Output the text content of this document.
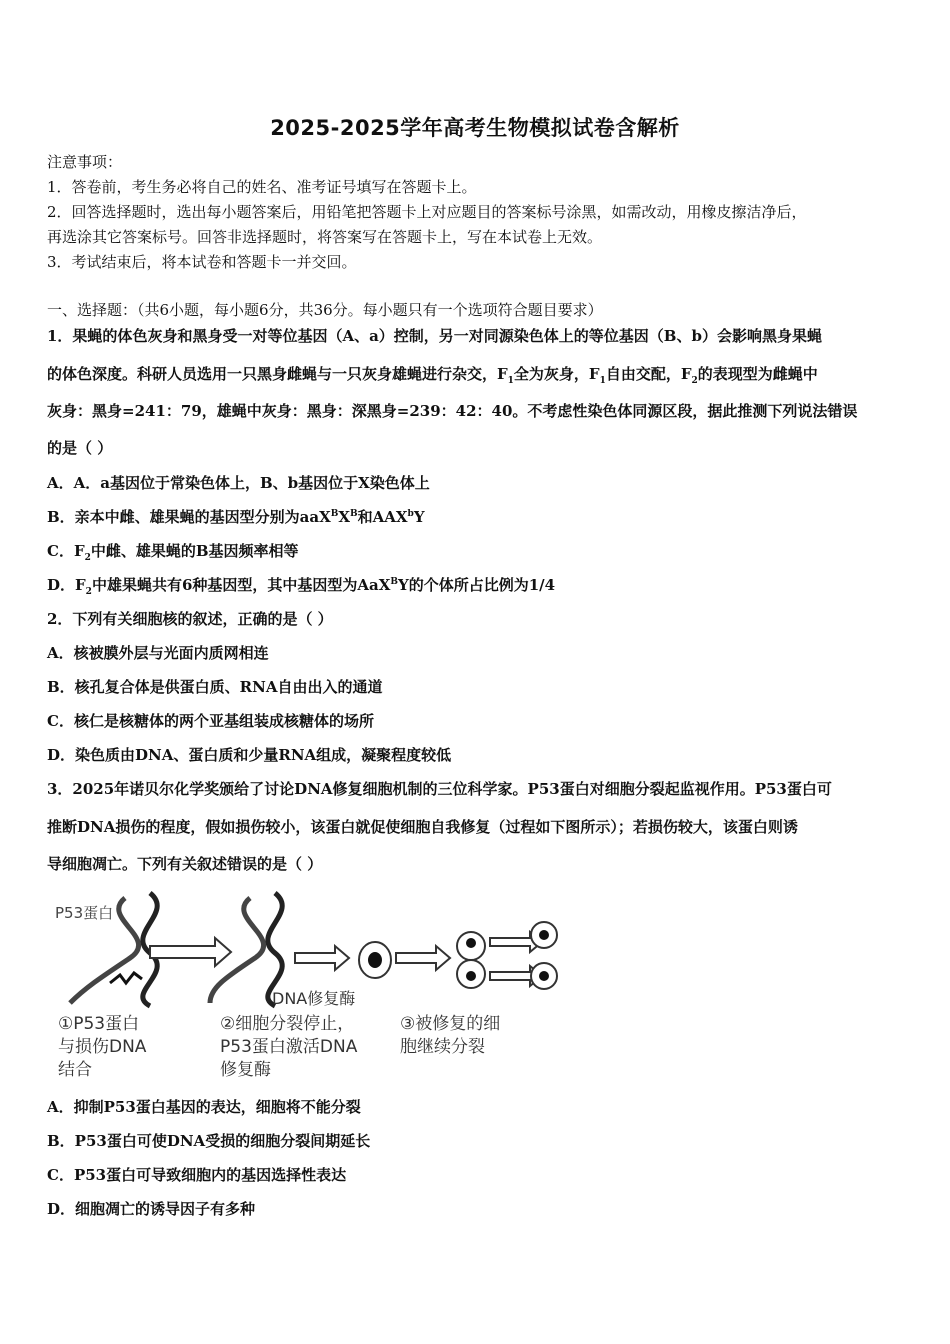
2025-2025学年高考生物模拟试卷含解析
注意事项：
1．答卷前，考生务必将自己的姓名、准考证号填写在答题卡上。
2．回答选择题时，选出每小题答案后，用铅笔把答题卡上对应题目的答案标号涂黑，如需改动，用橡皮擦洁净后，
再选涂其它答案标号。回答非选择题时，将答案写在答题卡上，写在本试卷上无效。
3．考试结束后，将本试卷和答题卡一并交回。
一、选择题：（共6小题，每小题6分，共36分。每小题只有一个选项符合题目要求）
1．果蝇的体色灰身和黑身受一对等位基因（A、a）控制，另一对同源染色体上的等位基因（B、b）会影响黑身果蝇
的体色深度。科研人员选用一只黑身雌蝇与一只灰身雄蝇进行杂交，$F_1$全为灰身，$F_1$自由交配，$F_2$的表现型为雌蝇中
灰身：黑身=241：79，雄蝇中灰身：黑身：深黑身=239：42：40。不考虑性染色体同源区段，据此推测下列说法错误
的是（ ）
A．A．a基因位于常染色体上，B、b基因位于X染色体上
B．亲本中雌、雄果蝇的基因型分别为$aaX^BX^B$和AAX$^b$Y
C．$F_2$中雌、雄果蝇的B基因频率相等
D．$F_2$中雄果蝇共有6种基因型，其中基因型为AaX$^B$Y的个体所占比例为1/4
2．下列有关细胞核的叙述，正确的是（ ）
A．核被膜外层与光面内质网相连
B．核孔复合体是供蛋白质、RNA自由出入的通道
C．核仁是核糖体的两个亚基组装成核糖体的场所
D．染色质由DNA、蛋白质和少量RNA组成，凝聚程度较低
3．2025年诺贝尔化学奖颁给了讨论DNA修复细胞机制的三位科学家。P53蛋白对细胞分裂起监视作用。P53蛋白可
推断DNA损伤的程度，假如损伤较小，该蛋白就促使细胞自我修复（过程如下图所示）；若损伤较大，该蛋白则诱
导细胞凋亡。下列有关叙述错误的是（ ）
P53蛋白
DNA修复酶
①P53蛋白
与损伤DNA
结合
②细胞分裂停止，
P53蛋白激活DNA
修复酶
③被修复的细
胞继续分裂
A．抑制P53蛋白基因的表达，细胞将不能分裂
B．P53蛋白可使DNA受损的细胞分裂间期延长
C．P53蛋白可导致细胞内的基因选择性表达
D．细胞凋亡的诱导因子有多种
